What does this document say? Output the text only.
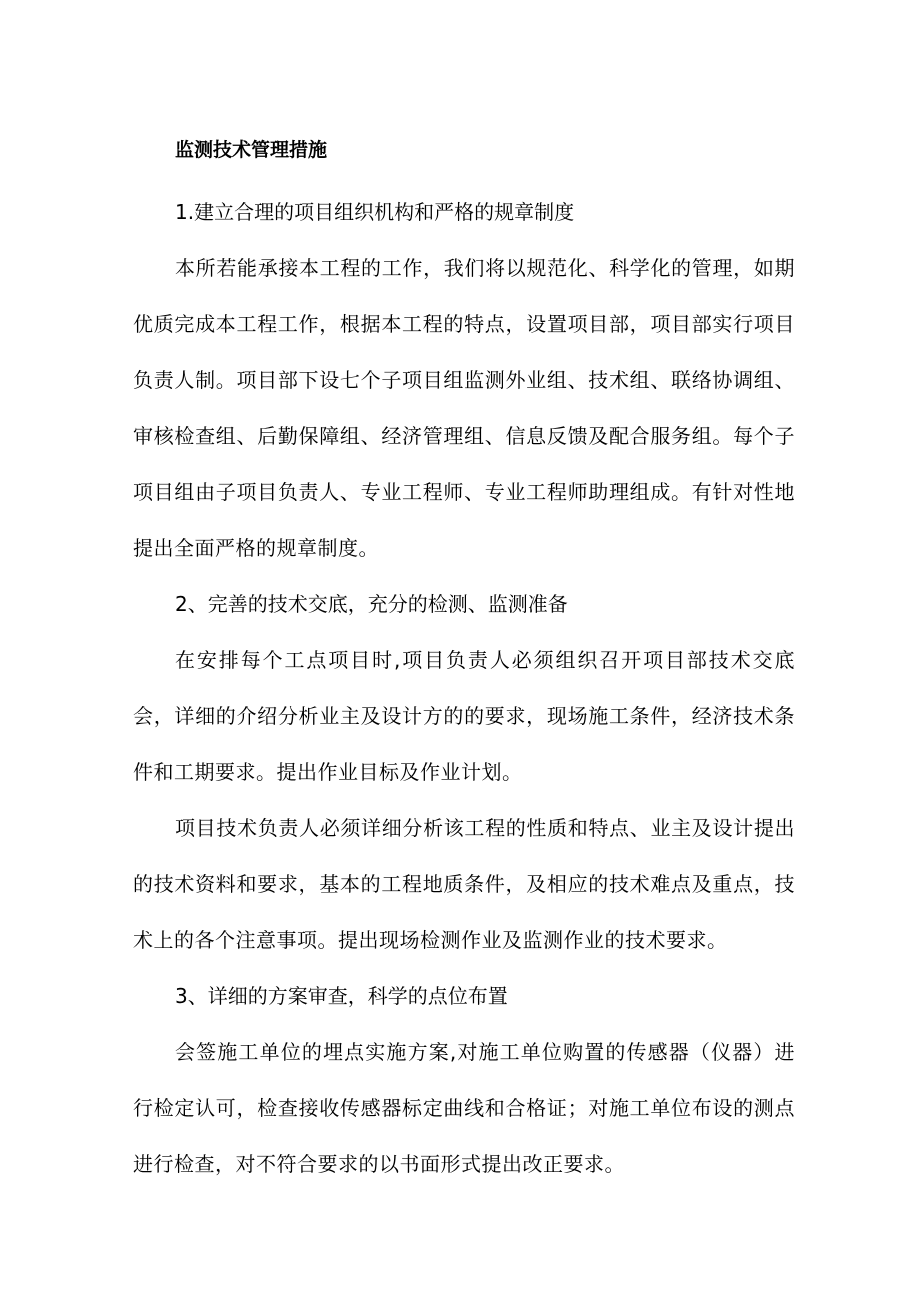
监测技术管理措施
1.建立合理的项目组织机构和严格的规章制度

本所若能承接本工程的工作，我们将以规范化、科学化的管理，如期优质完成本工程工作，根据本工程的特点，设置项目部，项目部实行项目负责人制。项目部下设七个子项目组监测外业组、技术组、联络协调组、审核检查组、后勤保障组、经济管理组、信息反馈及配合服务组。每个子项目组由子项目负责人、专业工程师、专业工程师助理组成。有针对性地提出全面严格的规章制度。

2、完善的技术交底，充分的检测、监测准备

在安排每个工点项目时,项目负责人必须组织召开项目部技术交底会，详细的介绍分析业主及设计方的的要求，现场施工条件，经济技术条件和工期要求。提出作业目标及作业计划。

项目技术负责人必须详细分析该工程的性质和特点、业主及设计提出的技术资料和要求，基本的工程地质条件，及相应的技术难点及重点，技术上的各个注意事项。提出现场检测作业及监测作业的技术要求。

3、详细的方案审查，科学的点位布置

会签施工单位的埋点实施方案,对施工单位购置的传感器（仪器）进行检定认可，检查接收传感器标定曲线和合格证；对施工单位布设的测点进行检查，对不符合要求的以书面形式提出改正要求。
